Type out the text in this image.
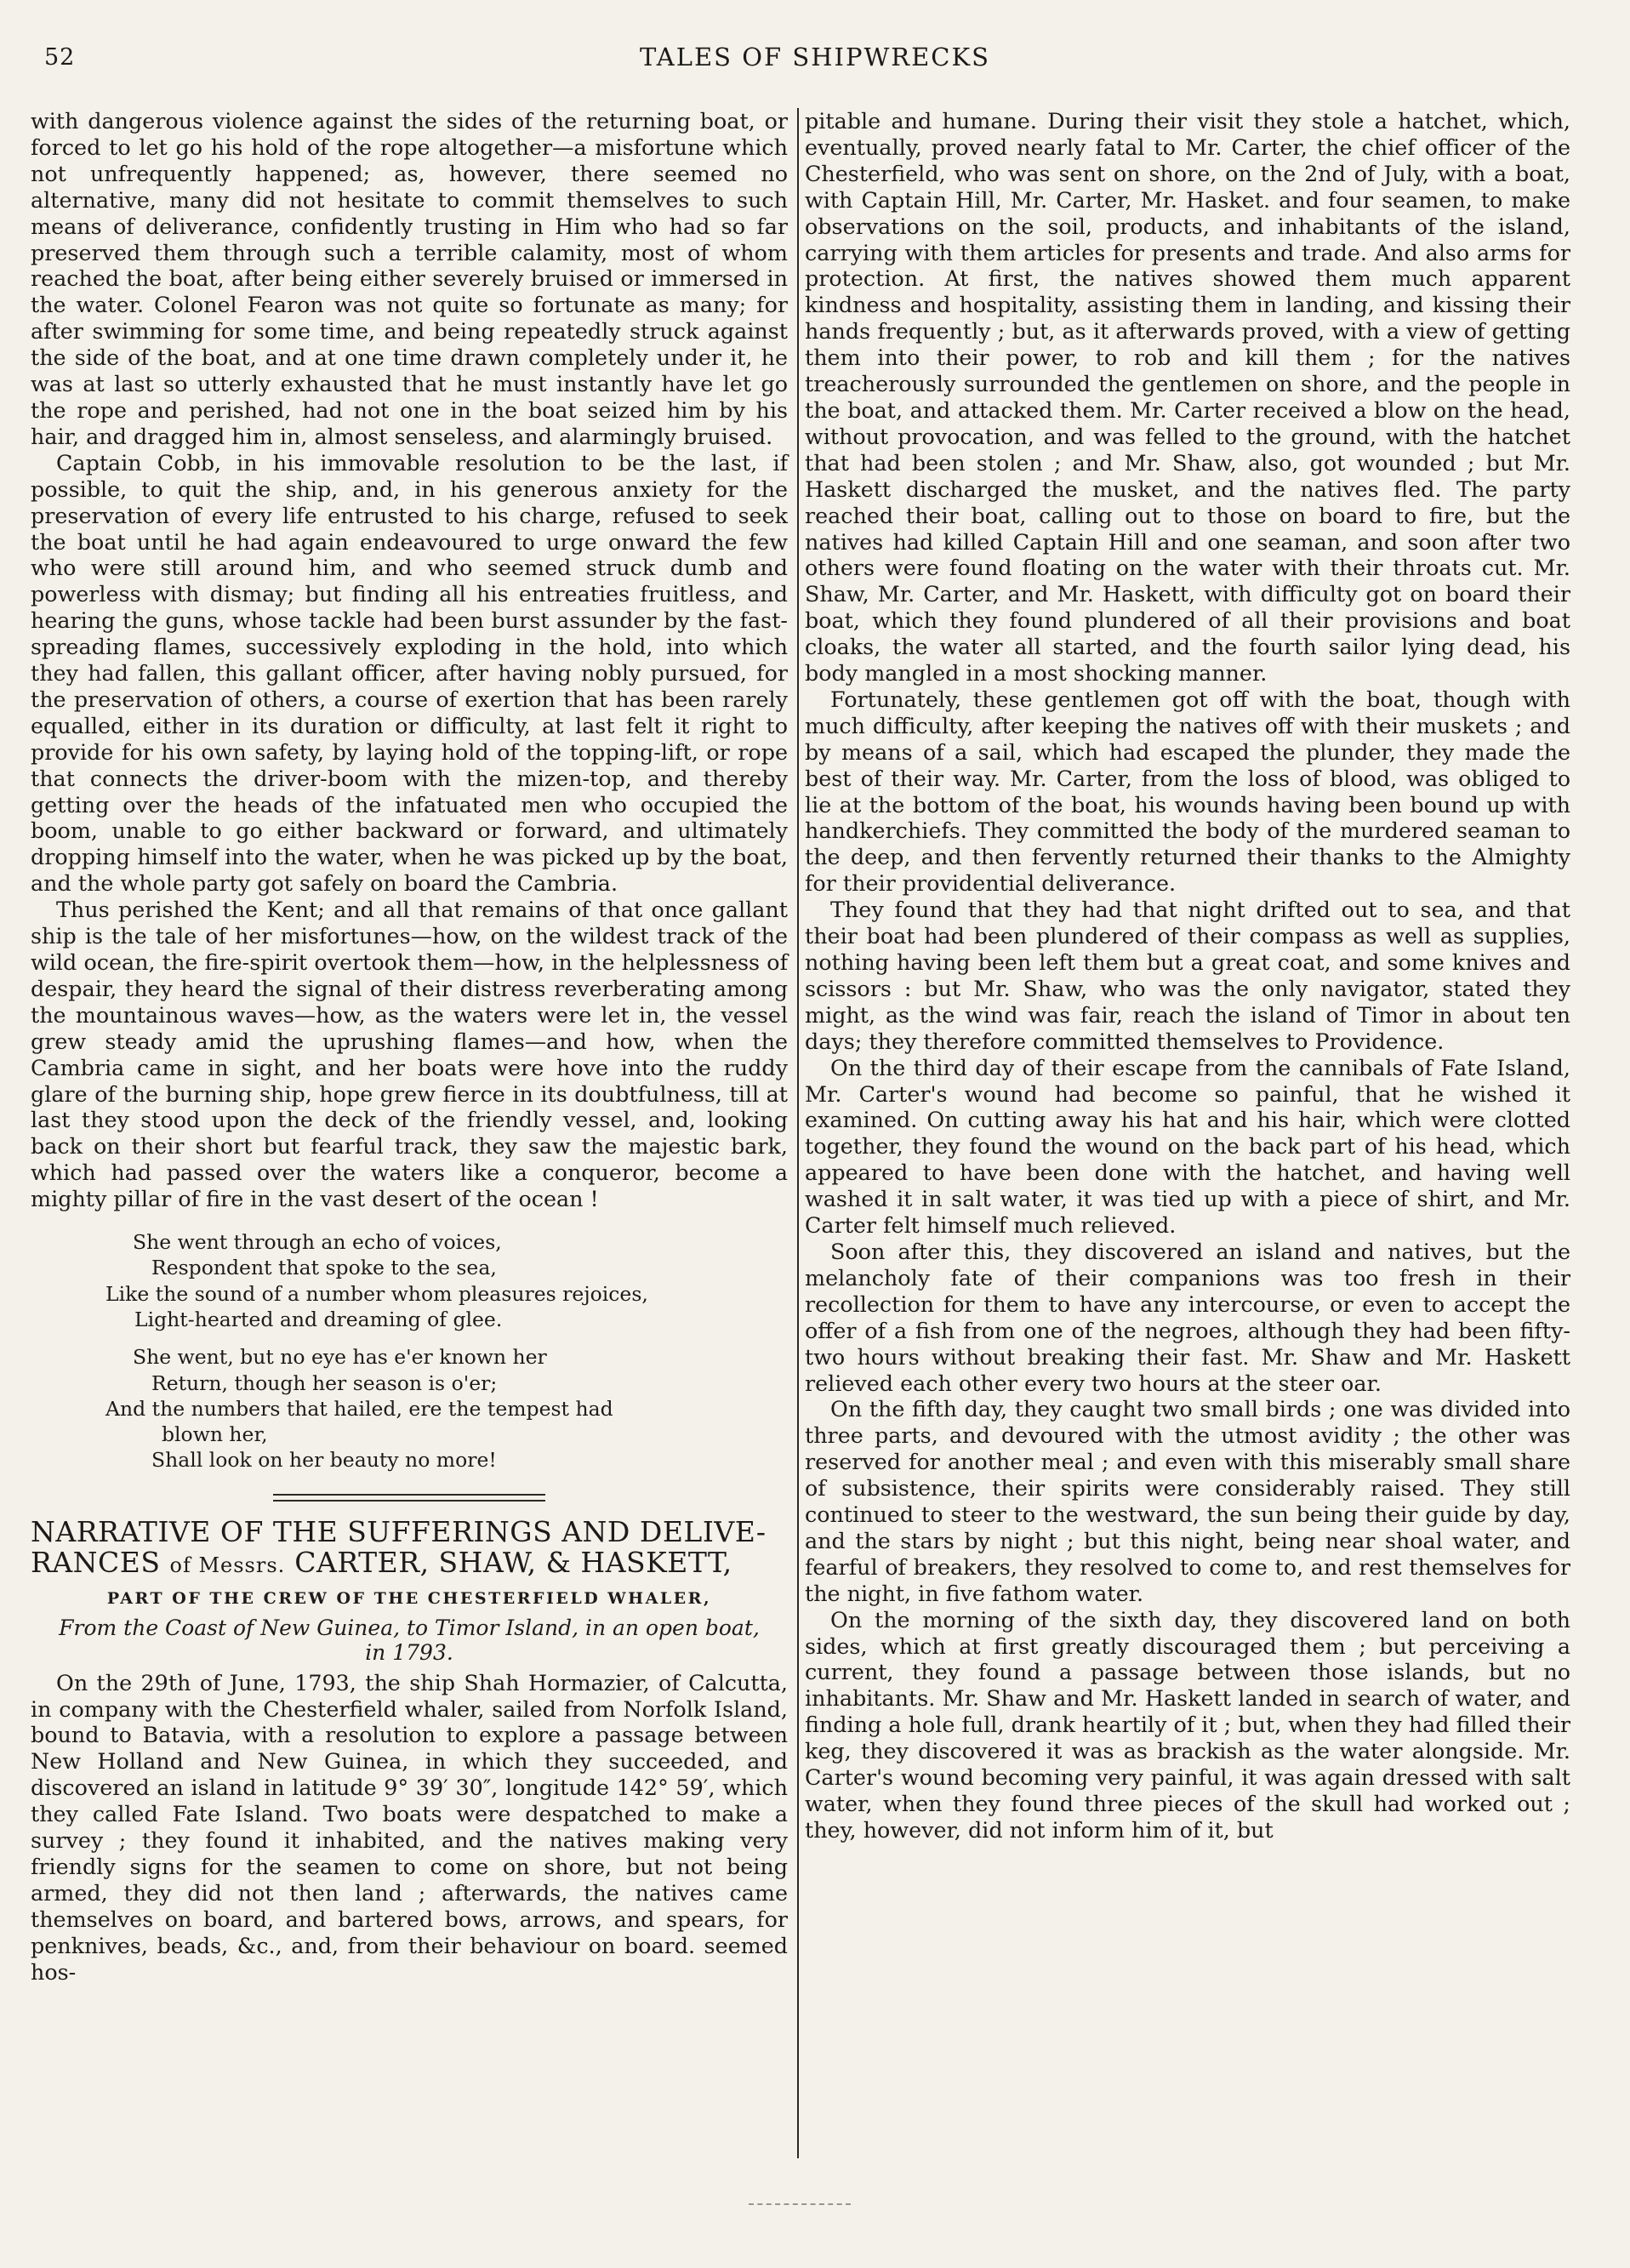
52	TALES OF SHIPWRECKS

with dangerous violence against the sides of the returning boat, or forced to let go his hold of the rope altogether—a misfortune which not unfrequently happened; as, however, there seemed no alternative, many did not hesitate to commit themselves to such means of deliverance, confidently trusting in Him who had so far preserved them through such a terrible calamity, most of whom reached the boat, after being either severely bruised or immersed in the water. Colonel Fearon was not quite so fortunate as many; for after swimming for some time, and being repeatedly struck against the side of the boat, and at one time drawn completely under it, he was at last so utterly exhausted that he must instantly have let go the rope and perished, had not one in the boat seized him by his hair, and dragged him in, almost senseless, and alarmingly bruised.

Captain Cobb, in his immovable resolution to be the last, if possible, to quit the ship, and, in his generous anxiety for the preservation of every life entrusted to his charge, refused to seek the boat until he had again endeavoured to urge onward the few who were still around him, and who seemed struck dumb and powerless with dismay; but finding all his entreaties fruitless, and hearing the guns, whose tackle had been burst assunder by the fast-spreading flames, successively exploding in the hold, into which they had fallen, this gallant officer, after having nobly pursued, for the preservation of others, a course of exertion that has been rarely equalled, either in its duration or difficulty, at last felt it right to provide for his own safety, by laying hold of the topping-lift, or rope that connects the driver-boom with the mizen-top, and thereby getting over the heads of the infatuated men who occupied the boom, unable to go either backward or forward, and ultimately dropping himself into the water, when he was picked up by the boat, and the whole party got safely on board the Cambria.

Thus perished the Kent; and all that remains of that once gallant ship is the tale of her misfortunes—how, on the wildest track of the wild ocean, the fire-spirit overtook them—how, in the helplessness of despair, they heard the signal of their distress reverberating among the mountainous waves—how, as the waters were let in, the vessel grew steady amid the uprushing flames—and how, when the Cambria came in sight, and her boats were hove into the ruddy glare of the burning ship, hope grew fierce in its doubtfulness, till at last they stood upon the deck of the friendly vessel, and, looking back on their short but fearful track, they saw the majestic bark, which had passed over the waters like a conqueror, become a mighty pillar of fire in the vast desert of the ocean !

She went through an echo of voices,
Respondent that spoke to the sea,
Like the sound of a number whom pleasures rejoices,
Light-hearted and dreaming of glee.
She went, but no eye has e'er known her
Return, though her season is o'er;
And the numbers that hailed, ere the tempest had
blown her,
Shall look on her beauty no more!
NARRATIVE OF THE SUFFERINGS AND DELIVE-
RANCES of Messrs. CARTER, SHAW, & HASKETT,
PART OF THE CREW OF THE CHESTERFIELD WHALER,
From the Coast of New Guinea, to Timor Island, in an open boat,
in 1793.

On the 29th of June, 1793, the ship Shah Hormazier, of Calcutta, in company with the Chesterfield whaler, sailed from Norfolk Island, bound to Batavia, with a resolution to explore a passage between New Holland and New Guinea, in which they succeeded, and discovered an island in latitude 9° 39′ 30″, longitude 142° 59′, which they called Fate Island. Two boats were despatched to make a survey ; they found it inhabited, and the natives making very friendly signs for the seamen to come on shore, but not being armed, they did not then land ; afterwards, the natives came themselves on board, and bartered bows, arrows, and spears, for penknives, beads, &c., and, from their behaviour on board. seemed hos-

pitable and humane. During their visit they stole a hatchet, which, eventually, proved nearly fatal to Mr. Carter, the chief officer of the Chesterfield, who was sent on shore, on the 2nd of July, with a boat, with Captain Hill, Mr. Carter, Mr. Hasket. and four seamen, to make observations on the soil, products, and inhabitants of the island, carrying with them articles for presents and trade. And also arms for protection. At first, the natives showed them much apparent kindness and hospitality, assisting them in landing, and kissing their hands frequently ; but, as it afterwards proved, with a view of getting them into their power, to rob and kill them ; for the natives treacherously surrounded the gentlemen on shore, and the people in the boat, and attacked them. Mr. Carter received a blow on the head, without provocation, and was felled to the ground, with the hatchet that had been stolen ; and Mr. Shaw, also, got wounded ; but Mr. Haskett discharged the musket, and the natives fled. The party reached their boat, calling out to those on board to fire, but the natives had killed Captain Hill and one seaman, and soon after two others were found floating on the water with their throats cut. Mr. Shaw, Mr. Carter, and Mr. Haskett, with difficulty got on board their boat, which they found plundered of all their provisions and boat cloaks, the water all started, and the fourth sailor lying dead, his body mangled in a most shocking manner.

Fortunately, these gentlemen got off with the boat, though with much difficulty, after keeping the natives off with their muskets ; and by means of a sail, which had escaped the plunder, they made the best of their way. Mr. Carter, from the loss of blood, was obliged to lie at the bottom of the boat, his wounds having been bound up with handkerchiefs. They committed the body of the murdered seaman to the deep, and then fervently returned their thanks to the Almighty for their providential deliverance.

They found that they had that night drifted out to sea, and that their boat had been plundered of their compass as well as supplies, nothing having been left them but a great coat, and some knives and scissors : but Mr. Shaw, who was the only navigator, stated they might, as the wind was fair, reach the island of Timor in about ten days; they therefore committed themselves to Providence.

On the third day of their escape from the cannibals of Fate Island, Mr. Carter's wound had become so painful, that he wished it examined. On cutting away his hat and his hair, which were clotted together, they found the wound on the back part of his head, which appeared to have been done with the hatchet, and having well washed it in salt water, it was tied up with a piece of shirt, and Mr. Carter felt himself much relieved.

Soon after this, they discovered an island and natives, but the melancholy fate of their companions was too fresh in their recollection for them to have any intercourse, or even to accept the offer of a fish from one of the negroes, although they had been fifty-two hours without breaking their fast. Mr. Shaw and Mr. Haskett relieved each other every two hours at the steer oar.

On the fifth day, they caught two small birds ; one was divided into three parts, and devoured with the utmost avidity ; the other was reserved for another meal ; and even with this miserably small share of subsistence, their spirits were considerably raised. They still continued to steer to the westward, the sun being their guide by day, and the stars by night ; but this night, being near shoal water, and fearful of breakers, they resolved to come to, and rest themselves for the night, in five fathom water.

On the morning of the sixth day, they discovered land on both sides, which at first greatly discouraged them ; but perceiving a current, they found a passage between those islands, but no inhabitants. Mr. Shaw and Mr. Haskett landed in search of water, and finding a hole full, drank heartily of it ; but, when they had filled their keg, they discovered it was as brackish as the water alongside. Mr. Carter's wound becoming very painful, it was again dressed with salt water, when they found three pieces of the skull had worked out ; they, however, did not inform him of it, but
